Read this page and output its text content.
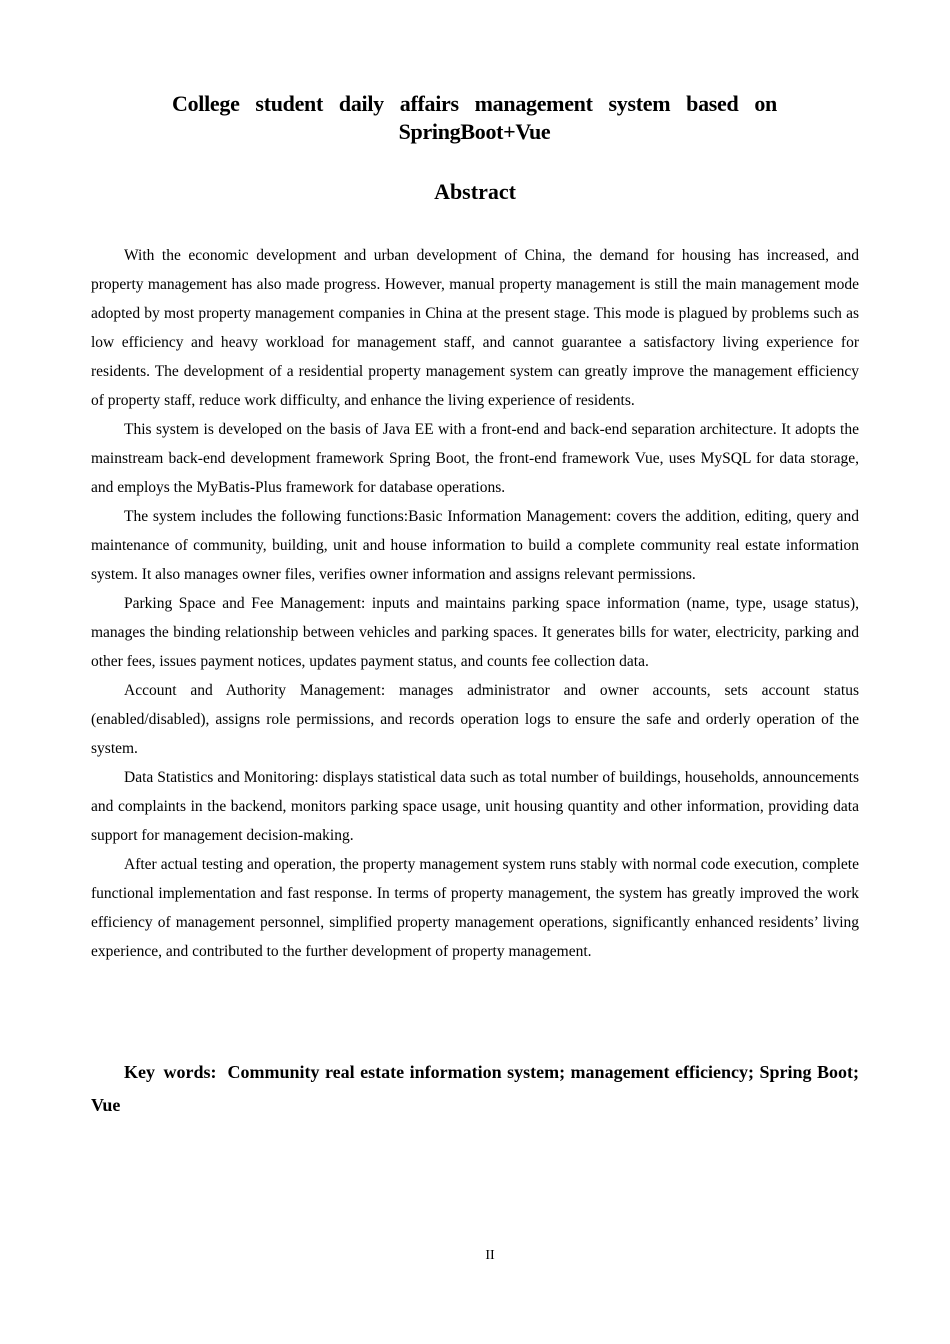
College student daily affairs management system based on SpringBoot+Vue
Abstract

With the economic development and urban development of China, the demand for housing has increased, and property management has also made progress. However, manual property management is still the main management mode adopted by most property management companies in China at the present stage. This mode is plagued by problems such as low efficiency and heavy workload for management staff, and cannot guarantee a satisfactory living experience for residents. The development of a residential property management system can greatly improve the management efficiency of property staff, reduce work difficulty, and enhance the living experience of residents.

This system is developed on the basis of Java EE with a front-end and back-end separation architecture. It adopts the mainstream back-end development framework Spring Boot, the front-end framework Vue, uses MySQL for data storage, and employs the MyBatis-Plus framework for database operations.

The system includes the following functions:Basic Information Management: covers the addition, editing, query and maintenance of community, building, unit and house information to build a complete community real estate information system. It also manages owner files, verifies owner information and assigns relevant permissions.

Parking Space and Fee Management: inputs and maintains parking space information (name, type, usage status), manages the binding relationship between vehicles and parking spaces. It generates bills for water, electricity, parking and other fees, issues payment notices, updates payment status, and counts fee collection data.

Account and Authority Management: manages administrator and owner accounts, sets account status (enabled/disabled), assigns role permissions, and records operation logs to ensure the safe and orderly operation of the system.

Data Statistics and Monitoring: displays statistical data such as total number of buildings, households, announcements and complaints in the backend, monitors parking space usage, unit housing quantity and other information, providing data support for management decision-making.

After actual testing and operation, the property management system runs stably with normal code execution, complete functional implementation and fast response. In terms of property management, the system has greatly improved the work efficiency of management personnel, simplified property management operations, significantly enhanced residents’ living experience, and contributed to the further development of property management.

Key words: Community real estate information system; management efficiency; Spring Boot; Vue

II
